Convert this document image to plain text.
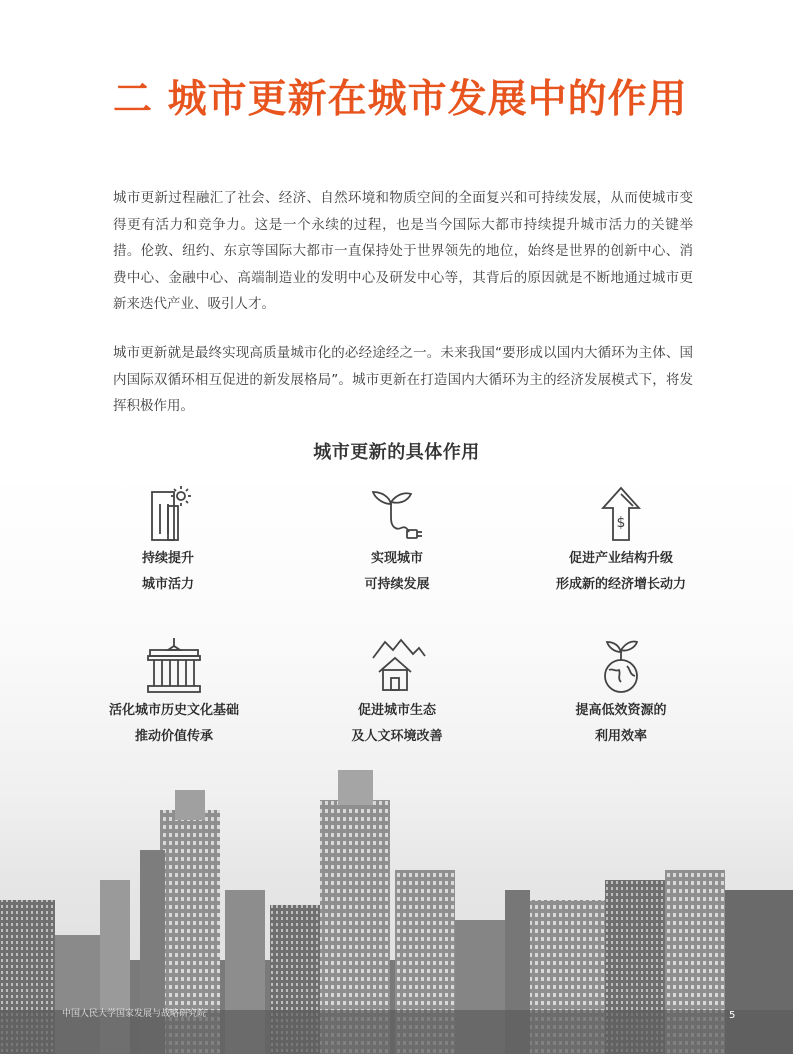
二 城市更新在城市发展中的作用

城市更新过程融汇了社会、经济、自然环境和物质空间的全面复兴和可持续发展，从而使城市变得更有活力和竞争力。这是一个永续的过程，也是当今国际大都市持续提升城市活力的关键举措。伦敦、纽约、东京等国际大都市一直保持处于世界领先的地位，始终是世界的创新中心、消费中心、金融中心、高端制造业的发明中心及研发中心等，其背后的原因就是不断地通过城市更新来迭代产业、吸引人才。

城市更新就是最终实现高质量城市化的必经途经之一。未来我国“要形成以国内大循环为主体、国内国际双循环相互促进的新发展格局”。城市更新在打造国内大循环为主的经济发展模式下，将发挥积极作用。

城市更新的具体作用
持续提升
城市活力
实现城市
可持续发展
$
促进产业结构升级
形成新的经济增长动力
活化城市历史文化基础
推动价值传承
促进城市生态
及人文环境改善
提高低效资源的
利用效率
中国人民大学国家发展与战略研究院	5
